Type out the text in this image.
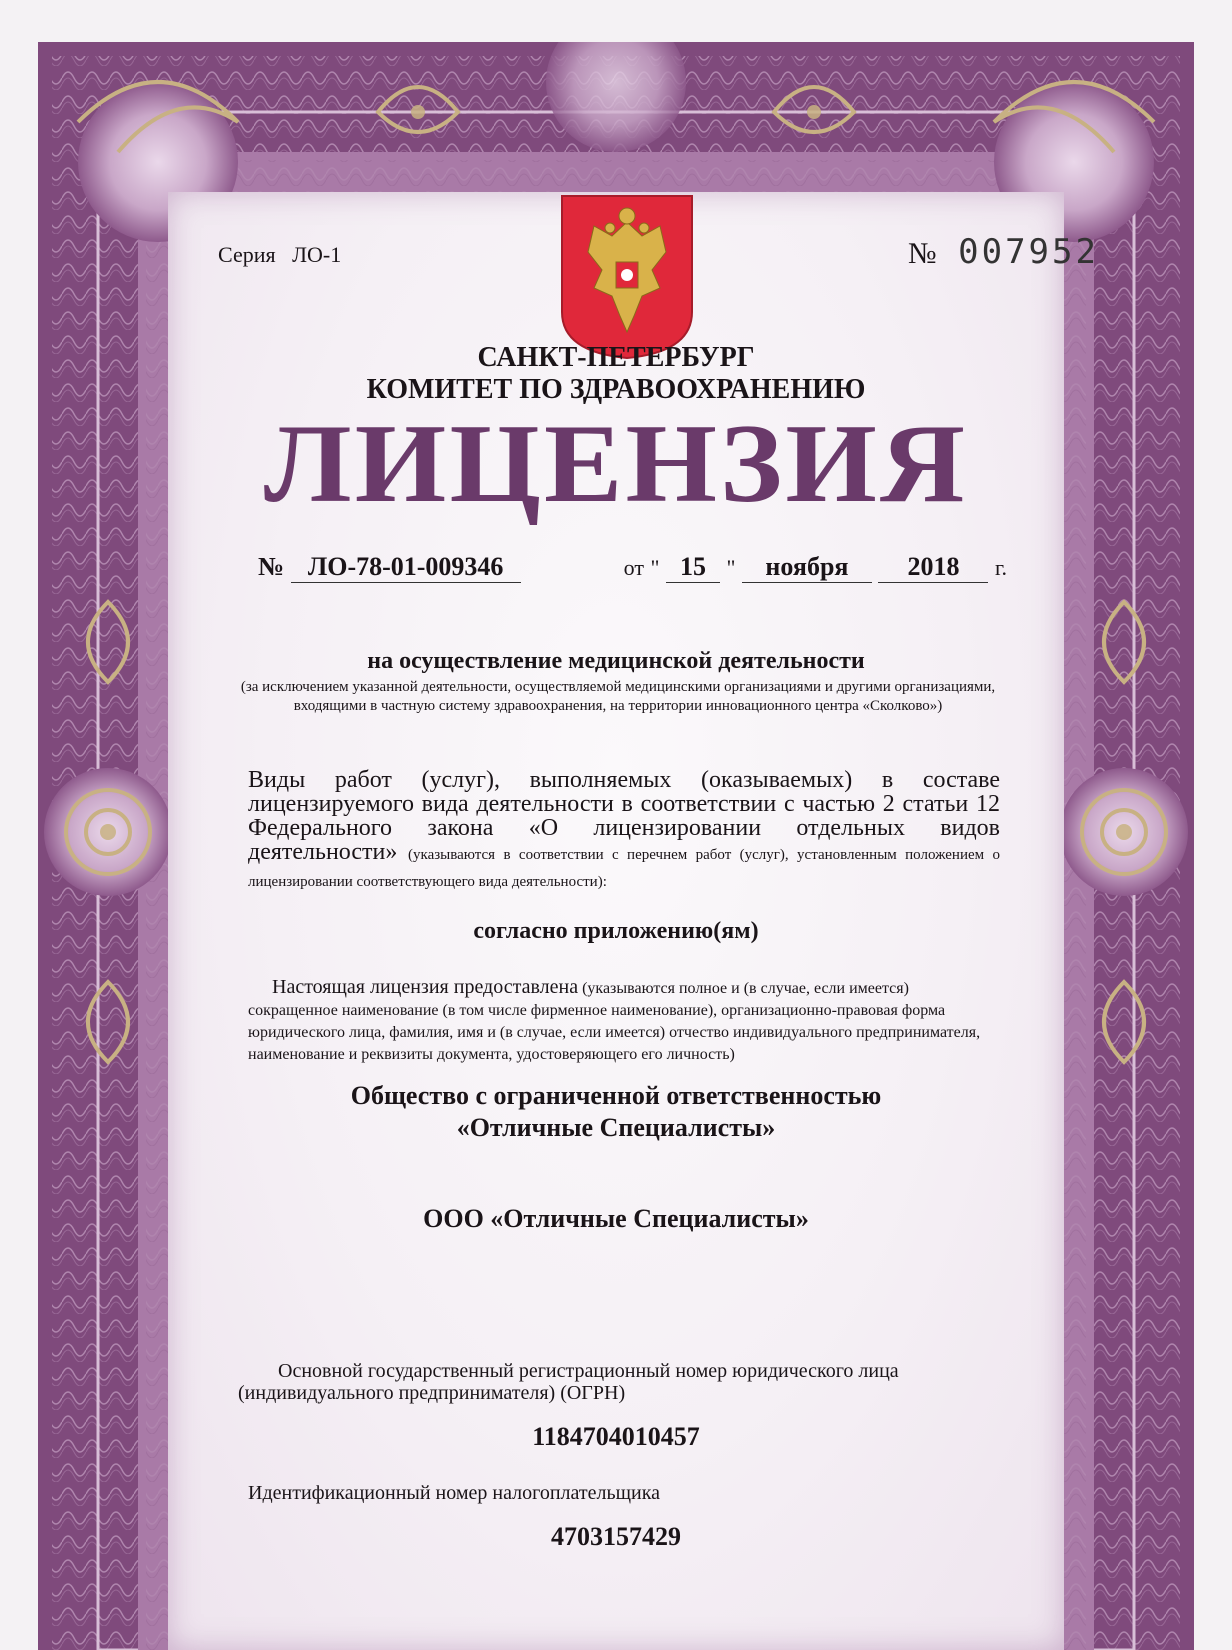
Серия ЛО-1	№ 007952
САНКТ-ПЕТЕРБУРГ
КОМИТЕТ ПО ЗДРАВООХРАНЕНИЮ
ЛИЦЕНЗИЯ
№ ЛО-78-01-009346	от " 15 " ноября 2018 г.
на осуществление медицинской деятельности
(за исключением указанной деятельности, осуществляемой медицинскими организациями и другими организациями, входящими в частную систему здравоохранения, на территории инновационного центра «Сколково»)
Виды работ (услуг), выполняемых (оказываемых) в составе лицензируемого вида деятельности в соответствии с частью 2 статьи 12 Федерального закона «О лицензировании отдельных видов деятельности» (указываются в соответствии с перечнем работ (услуг), установленным положением о лицензировании соответствующего вида деятельности):
согласно приложению(ям)
Настоящая лицензия предоставлена (указываются полное и (в случае, если имеется) сокращенное наименование (в том числе фирменное наименование), организационно-правовая форма юридического лица, фамилия, имя и (в случае, если имеется) отчество индивидуального предпринимателя, наименование и реквизиты документа, удостоверяющего его личность)
Общество с ограниченной ответственностью
«Отличные Специалисты»
ООО «Отличные Специалисты»
Основной государственный регистрационный номер юридического лица
(индивидуального предпринимателя) (ОГРН)
1184704010457
Идентификационный номер налогоплательщика
4703157429
